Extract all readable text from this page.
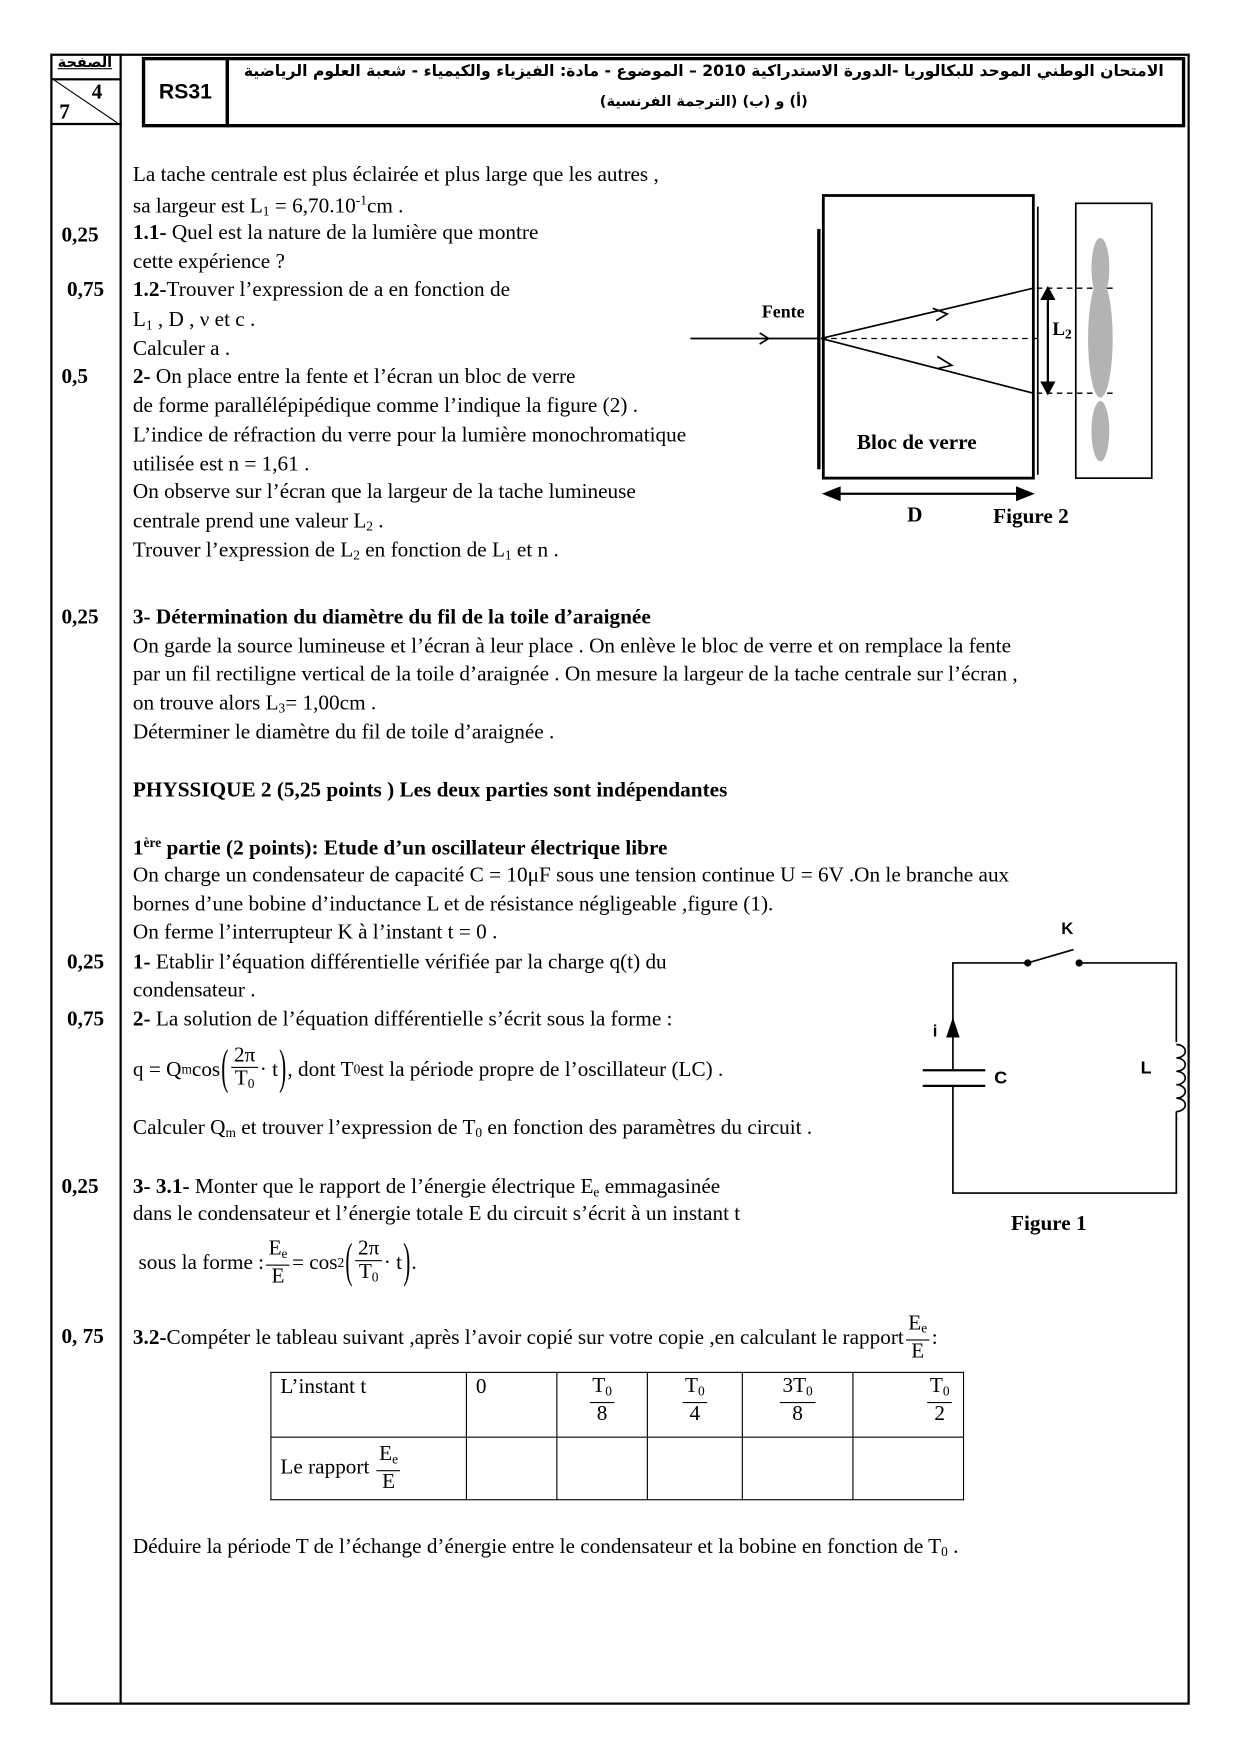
الصفحة
4
7
RS31
الامتحان الوطني الموحد للبكالوريا -الدورة الاستدراكية 2010 – الموضوع - مادة: الفيزياء والكيمياء - شعبة العلوم الرياضية
(أ) و (ب) (الترجمة الفرنسية)
0,25
0,75
0,5
0,25
0,25
0,75
0,25
0, 75
La tache centrale est plus éclairée et plus large que les autres ,
sa largeur est $L_1 = 6,70.10^{-1}cm$ .
1.1- Quel est la nature de la lumière que montre
cette expérience ?
1.2-Trouver l’expression de a en fonction de
$L_1$ , D , ν et c .
Calculer a .
2- On place entre la fente et l’écran un bloc de verre
de forme parallélépipédique comme l’indique la figure (2) .
L’indice de réfraction du verre pour la lumière monochromatique
utilisée est n = 1,61 .
On observe sur l’écran que la largeur de la tache lumineuse
centrale prend une valeur $L_2$ .
Trouver l’expression de $L_2$ en fonction de $L_1$ et n .
3- Détermination du diamètre du fil de la toile d’araignée
On garde la source lumineuse et l’écran à leur place . On enlève le bloc de verre et on remplace la fente
par un fil rectiligne vertical de la toile d’araignée . On mesure la largeur de la tache centrale sur l’écran ,
on trouve alors $L_3= 1,00cm$ .
Déterminer le diamètre du fil de toile d’araignée .
PHYSSIQUE 2 (5,25 points ) Les deux parties sont indépendantes
1ère partie (2 points): Etude d’un oscillateur électrique libre
On charge un condensateur de capacité C = 10μF sous une tension continue U = 6V .On le branche aux
bornes d’une bobine d’inductance L et de résistance négligeable ,figure (1).
On ferme l’interrupteur K à l’instant t = 0 .
1- Etablir l’équation différentielle vérifiée par la charge q(t) du
condensateur .
2- La solution de l’équation différentielle s’écrit sous la forme :
q = Q m cos ( $\frac{2\pi}{T_0} \cdot t$ ) , dont T 0 est la période propre de l’oscillateur (LC) .
Calculer $Q_m$ et trouver l’expression de $T_0$ en fonction des paramètres du circuit .
3- 3.1- Monter que le rapport de l’énergie électrique $E_e$ emmagasinée
dans le condensateur et l’énergie totale E du circuit s’écrit à un instant t
sous la forme : $\frac{E_e}{E} = \cos 2$ ( $\frac{2\pi}{T_0} \cdot t$ ) .
3.2- Compéter le tableau suivant ,après l’avoir copié sur votre copie ,en calculant le rapport $\frac{E_e}{E}$ :
L’instant t	0	$\frac{T_0}{8}$	$\frac{T_0}{4}$	$\frac{3T_0}{8}$	$\frac{T_0}{2}$

Le rapport $\frac{E_e}{E}$

Déduire la période T de l’échange d’énergie entre le condensateur et la bobine en fonction de $T_0$ .
Fente
$L_2$
Bloc de verre
D	Figure 2
K
i
C
L
Figure 1
